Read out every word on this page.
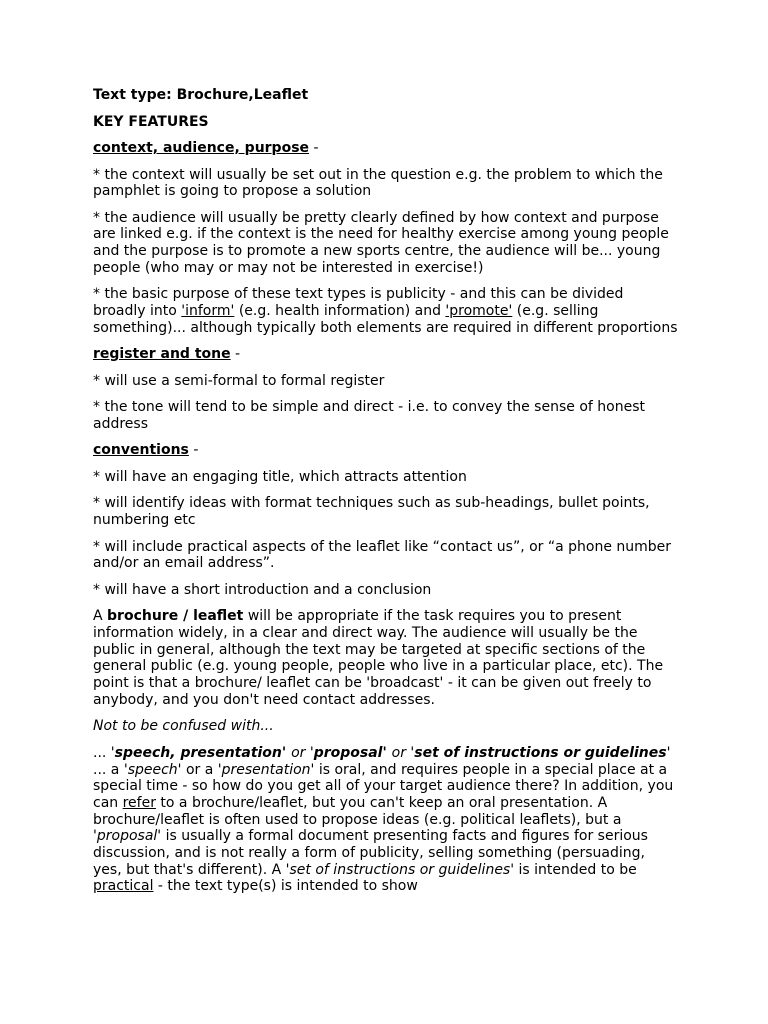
Text type: Brochure,Leaflet

KEY FEATURES

context, audience, purpose -

* the context will usually be set out in the question e.g. the problem to which the pamphlet is going to propose a solution

* the audience will usually be pretty clearly defined by how context and purpose are linked e.g. if the context is the need for healthy exercise among young people and the purpose is to promote a new sports centre, the audience will be... young people (who may or may not be interested in exercise!)

* the basic purpose of these text types is publicity - and this can be divided broadly into 'inform' (e.g. health information) and 'promote' (e.g. selling something)... although typically both elements are required in different proportions

register and tone -

* will use a semi-formal to formal register

* the tone will tend to be simple and direct - i.e. to convey the sense of honest address

conventions -

* will have an engaging title, which attracts attention

* will identify ideas with format techniques such as sub-headings, bullet points, numbering etc

* will include practical aspects of the leaflet like “contact us”, or “a phone number and/or an email address”.

* will have a short introduction and a conclusion

A brochure / leaflet will be appropriate if the task requires you to present information widely, in a clear and direct way. The audience will usually be the public in general, although the text may be targeted at specific sections of the general public (e.g. young people, people who live in a particular place, etc). The point is that a brochure/ leaflet can be 'broadcast' - it can be given out freely to anybody, and you don't need contact addresses.

Not to be confused with...

... 'speech, presentation' or 'proposal' or 'set of instructions or guidelines' ... a 'speech' or a 'presentation' is oral, and requires people in a special place at a special time - so how do you get all of your target audience there? In addition, you can refer to a brochure/leaflet, but you can't keep an oral presentation. A brochure/leaflet is often used to propose ideas (e.g. political leaflets), but a 'proposal' is usually a formal document presenting facts and figures for serious discussion, and is not really a form of publicity, selling something (persuading, yes, but that's different). A 'set of instructions or guidelines' is intended to be practical - the text type(s) is intended to show
